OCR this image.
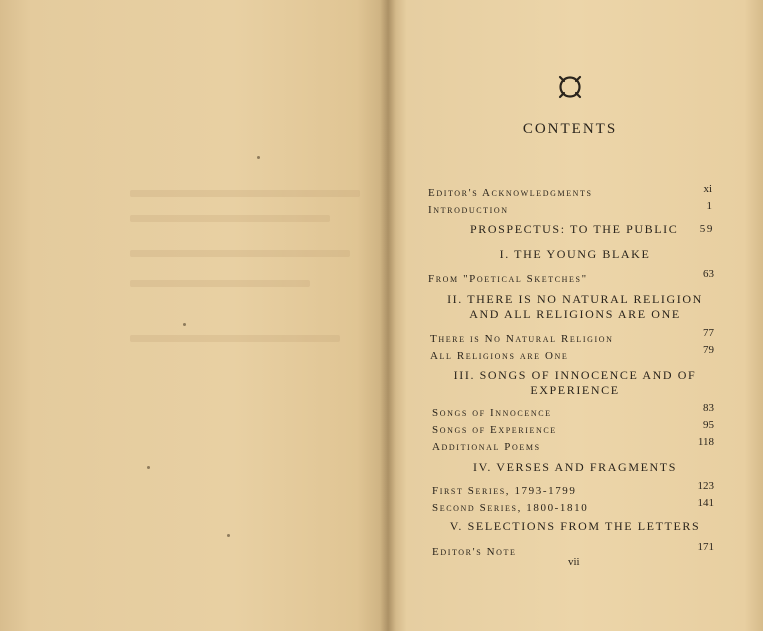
CONTENTS
Editor's Acknowledgments	xi
Introduction	1
PROSPECTUS: TO THE PUBLIC 59
I. THE YOUNG BLAKE
From "Poetical Sketches"	63
II. THERE IS NO NATURAL RELIGION
AND ALL RELIGIONS ARE ONE
There is No Natural Religion	77
All Religions are One	79
III. SONGS OF INNOCENCE AND OF
EXPERIENCE
Songs of Innocence	83
Songs of Experience	95
Additional Poems	118
IV. VERSES AND FRAGMENTS
First Series, 1793-1799	123
Second Series, 1800-1810	141
V. SELECTIONS FROM THE LETTERS
Editor's Note	171
vii
